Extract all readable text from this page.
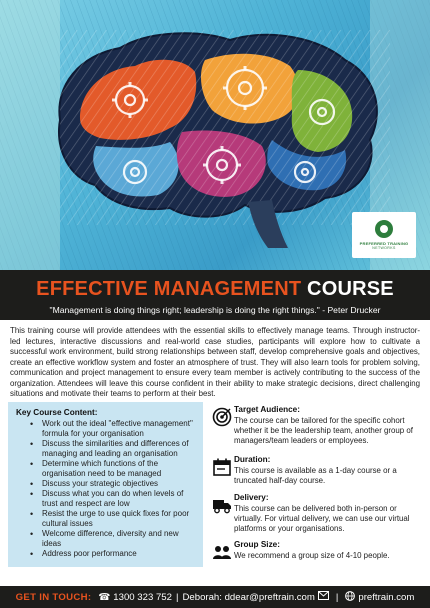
PREFERRED TRAINING
NETWORKS
EFFECTIVE MANAGEMENT COURSE
"Management is doing things right; leadership is doing the right things." - Peter Drucker
This training course will provide attendees with the essential skills to effectively manage teams. Through instructor-led lectures, interactive discussions and real-world case studies, participants will explore how to cultivate a successful work environment, build strong relationships between staff, develop comprehensive goals and objectives, create an effective workflow system and foster an atmosphere of trust. They will also learn tools for problem solving, communication and project management to ensure every team member is actively contributing to the success of the organization. Attendees will leave this course confident in their ability to make strategic decisions, direct challenging situations and motivate their teams to perform at their best.
Key Course Content:
• Work out the ideal "effective management" formula for your organisation
• Discuss the similarities and differences of managing and leading an organisation
• Determine which functions of the organisation need to be managed
• Discuss your strategic objectives
• Discuss what you can do when levels of trust and respect are low
• Resist the urge to use quick fixes for poor cultural issues
• Welcome difference, diversity and new ideas
• Address poor performance
Target Audience:

The course can be tailored for the specific cohort whether it be the leadership team, another group of managers/team leaders or employees.

Duration:

This course is available as a 1-day course or a truncated half-day course.

Delivery:

This course can be delivered both in-person or virtually. For virtual delivery, we can use our virtual platforms or your organisations.

Group Size:

We recommend a group size of 4-10 people.

GET IN TOUCH: ☎ 1300 323 752 | Deborah: ddear@preftrain.com | preftrain.com
